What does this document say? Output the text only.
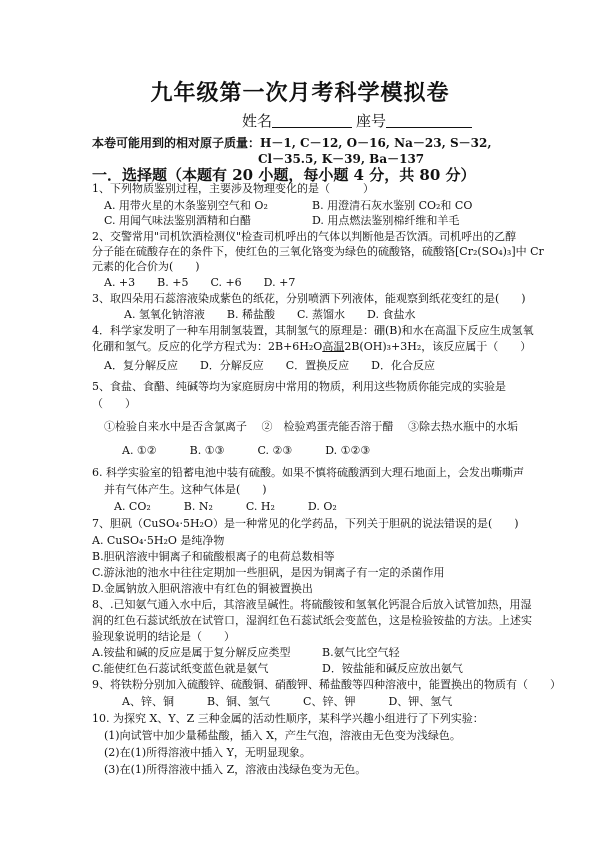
九年级第一次月考科学模拟卷
姓名	座号
本卷可能用到的相对原子质量：H－1, C－12, O－16, Na－23, S－32,
Cl－35.5, K－39, Ba－137
一．选择题（本题有 20 小题，每小题 4 分，共 80 分）
1、下列物质鉴别过程，主要涉及物理变化的是（　　　）
A. 用带火星的木条鉴别空气和 O₂	B. 用澄清石灰水鉴别 CO₂和 CO
C. 用闻气味法鉴别酒精和白醋	D. 用点燃法鉴别棉纤维和羊毛
2、交警常用"司机饮酒检测仪"检查司机呼出的气体以判断他是否饮酒。司机呼出的乙醇
分子能在硫酸存在的条件下，使红色的三氧化铬变为绿色的硫酸铬，硫酸铬[Cr₂(SO₄)₃]中 Cr
元素的化合价为(　　)
A. +3　　B. +5　　C. +6　　D. +7
3、取四朵用石蕊溶液染成紫色的纸花，分别喷洒下列液体，能观察到纸花变红的是(　　)
A. 氢氧化钠溶液　　B. 稀盐酸　　C. 蒸馏水　　D. 食盐水
4．科学家发明了一种车用制氢装置，其制氢气的原理是：硼(B)和水在高温下反应生成氢氧
化硼和氢气。反应的化学方程式为：2B+6H₂O高温2B(OH)₃+3H₂，该反应属于（　　）
A．复分解反应　　D．分解反应　　C．置换反应　　D．化合反应
5、食盐、食醋、纯碱等均为家庭厨房中常用的物质，利用这些物质你能完成的实验是
（　　）
①检验自来水中是否含氯离子　 ②　检验鸡蛋壳能否溶于醋　 ③除去热水瓶中的水垢
A. ①②　　　B. ①③　　　C. ②③　　　D. ①②③
6. 科学实验室的铅蓄电池中装有硫酸。如果不慎将硫酸洒到大理石地面上，会发出嘶嘶声
并有气体产生。这种气体是(　　)
A. CO₂　　　B. N₂　　　C. H₂　　　D. O₂
7、胆矾（CuSO₄·5H₂O）是一种常见的化学药品，下列关于胆矾的说法错误的是(　　)
A. CuSO₄·5H₂O 是纯净物
B.胆矾溶液中铜离子和硫酸根离子的电荷总数相等
C.游泳池的池水中往往定期加一些胆矾，是因为铜离子有一定的杀菌作用
D.金属钠放入胆矾溶液中有红色的铜被置换出
8、.已知氨气通入水中后，其溶液呈碱性。将硫酸铵和氢氧化钙混合后放入试管加热，用湿
润的红色石蕊试纸放在试管口，湿润红色石蕊试纸会变蓝色，这是检验铵盐的方法。上述实
验现象说明的结论是（　　）
A.铵盐和碱的反应是属于复分解反应类型	B.氨气比空气轻
C.能使红色石蕊试纸变蓝色就是氨气	D．铵盐能和碱反应放出氨气
9、将铁粉分别加入硫酸锌、硫酸铜、硝酸钾、稀盐酸等四种溶液中，能置换出的物质有（　　）
A、锌、铜　　　B、铜、氢气　　　C、锌、钾　　　D、钾、氢气
10. 为探究 X、Y、Z 三种金属的活动性顺序，某科学兴趣小组进行了下列实验：
(1)向试管中加少量稀盐酸，插入 X，产生气泡，溶液由无色变为浅绿色。
(2)在(1)所得溶液中插入 Y，无明显现象。
(3)在(1)所得溶液中插入 Z，溶液由浅绿色变为无色。
